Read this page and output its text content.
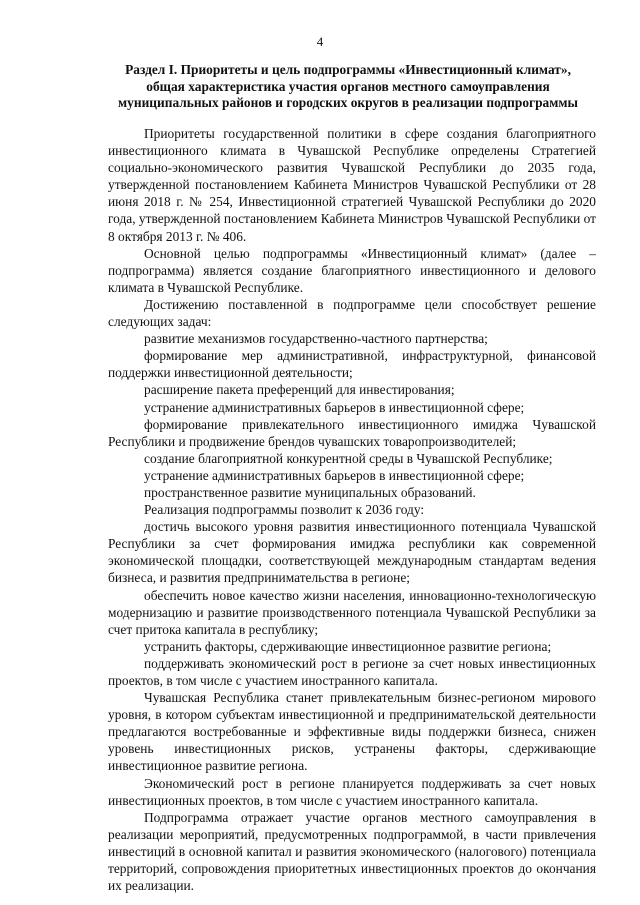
4
Раздел I. Приоритеты и цель подпрограммы «Инвестиционный климат», общая характеристика участия органов местного самоуправления муниципальных районов и городских округов в реализации подпрограммы

Приоритеты государственной политики в сфере создания благоприятного инвестиционного климата в Чувашской Республике определены Стратегией социально-экономического развития Чувашской Республики до 2035 года, утвержденной постановлением Кабинета Министров Чувашской Республики от 28 июня 2018 г. № 254, Инвестиционной стратегией Чувашской Республики до 2020 года, утвержденной постановлением Кабинета Министров Чувашской Республики от 8 октября 2013 г. № 406.

Основной целью подпрограммы «Инвестиционный климат» (далее – подпрограмма) является создание благоприятного инвестиционного и делового климата в Чувашской Республике.

Достижению поставленной в подпрограмме цели способствует решение следующих задач:

развитие механизмов государственно-частного партнерства;

формирование мер административной, инфраструктурной, финансовой поддержки инвестиционной деятельности;

расширение пакета преференций для инвестирования;

устранение административных барьеров в инвестиционной сфере;

формирование привлекательного инвестиционного имиджа Чувашской Республики и продвижение брендов чувашских товаропроизводителей;

создание благоприятной конкурентной среды в Чувашской Республике;

устранение административных барьеров в инвестиционной сфере;

пространственное развитие муниципальных образований.

Реализация подпрограммы позволит к 2036 году:

достичь высокого уровня развития инвестиционного потенциала Чувашской Республики за счет формирования имиджа республики как современной экономической площадки, соответствующей международным стандартам ведения бизнеса, и развития предпринимательства в регионе;

обеспечить новое качество жизни населения, инновационно-технологическую модернизацию и развитие производственного потенциала Чувашской Республики за счет притока капитала в республику;

устранить факторы, сдерживающие инвестиционное развитие региона;

поддерживать экономический рост в регионе за счет новых инвестиционных проектов, в том числе с участием иностранного капитала.

Чувашская Республика станет привлекательным бизнес-регионом мирового уровня, в котором субъектам инвестиционной и предпринимательской деятельности предлагаются востребованные и эффективные виды поддержки бизнеса, снижен уровень инвестиционных рисков, устранены факторы, сдерживающие инвестиционное развитие региона.

Экономический рост в регионе планируется поддерживать за счет новых инвестиционных проектов, в том числе с участием иностранного капитала.

Подпрограмма отражает участие органов местного самоуправления в реализации мероприятий, предусмотренных подпрограммой, в части привлечения инвестиций в основной капитал и развития экономического (налогового) потенциала территорий, сопровождения приоритетных инвестиционных проектов до окончания их реализации.
